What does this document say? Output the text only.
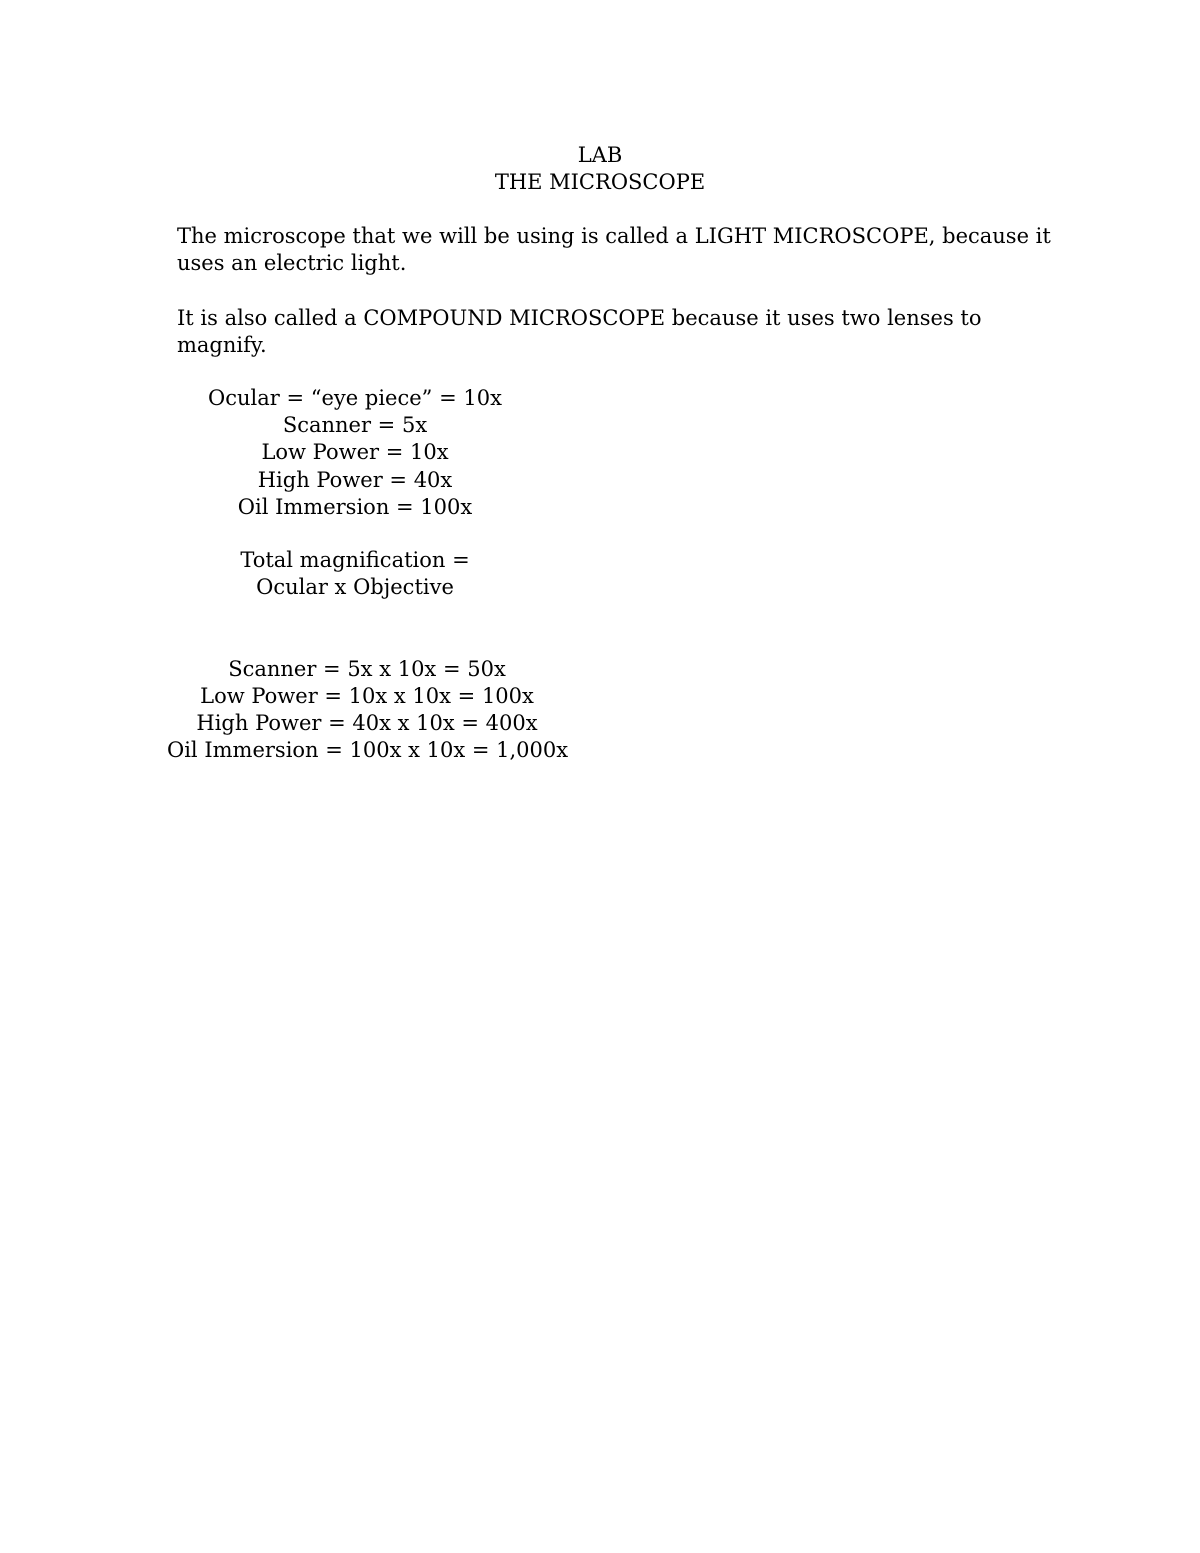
LAB
THE MICROSCOPE
The microscope that we will be using is called a LIGHT MICROSCOPE, because it
uses an electric light.
It is also called a COMPOUND MICROSCOPE because it uses two lenses to
magnify.
Ocular = “eye piece” = 10x
Scanner = 5x
Low Power = 10x
High Power = 40x
Oil Immersion = 100x
Total magnification =
Ocular x Objective
Scanner = 5x x 10x = 50x
Low Power = 10x x 10x = 100x
High Power = 40x x 10x = 400x
Oil Immersion = 100x x 10x = 1,000x
